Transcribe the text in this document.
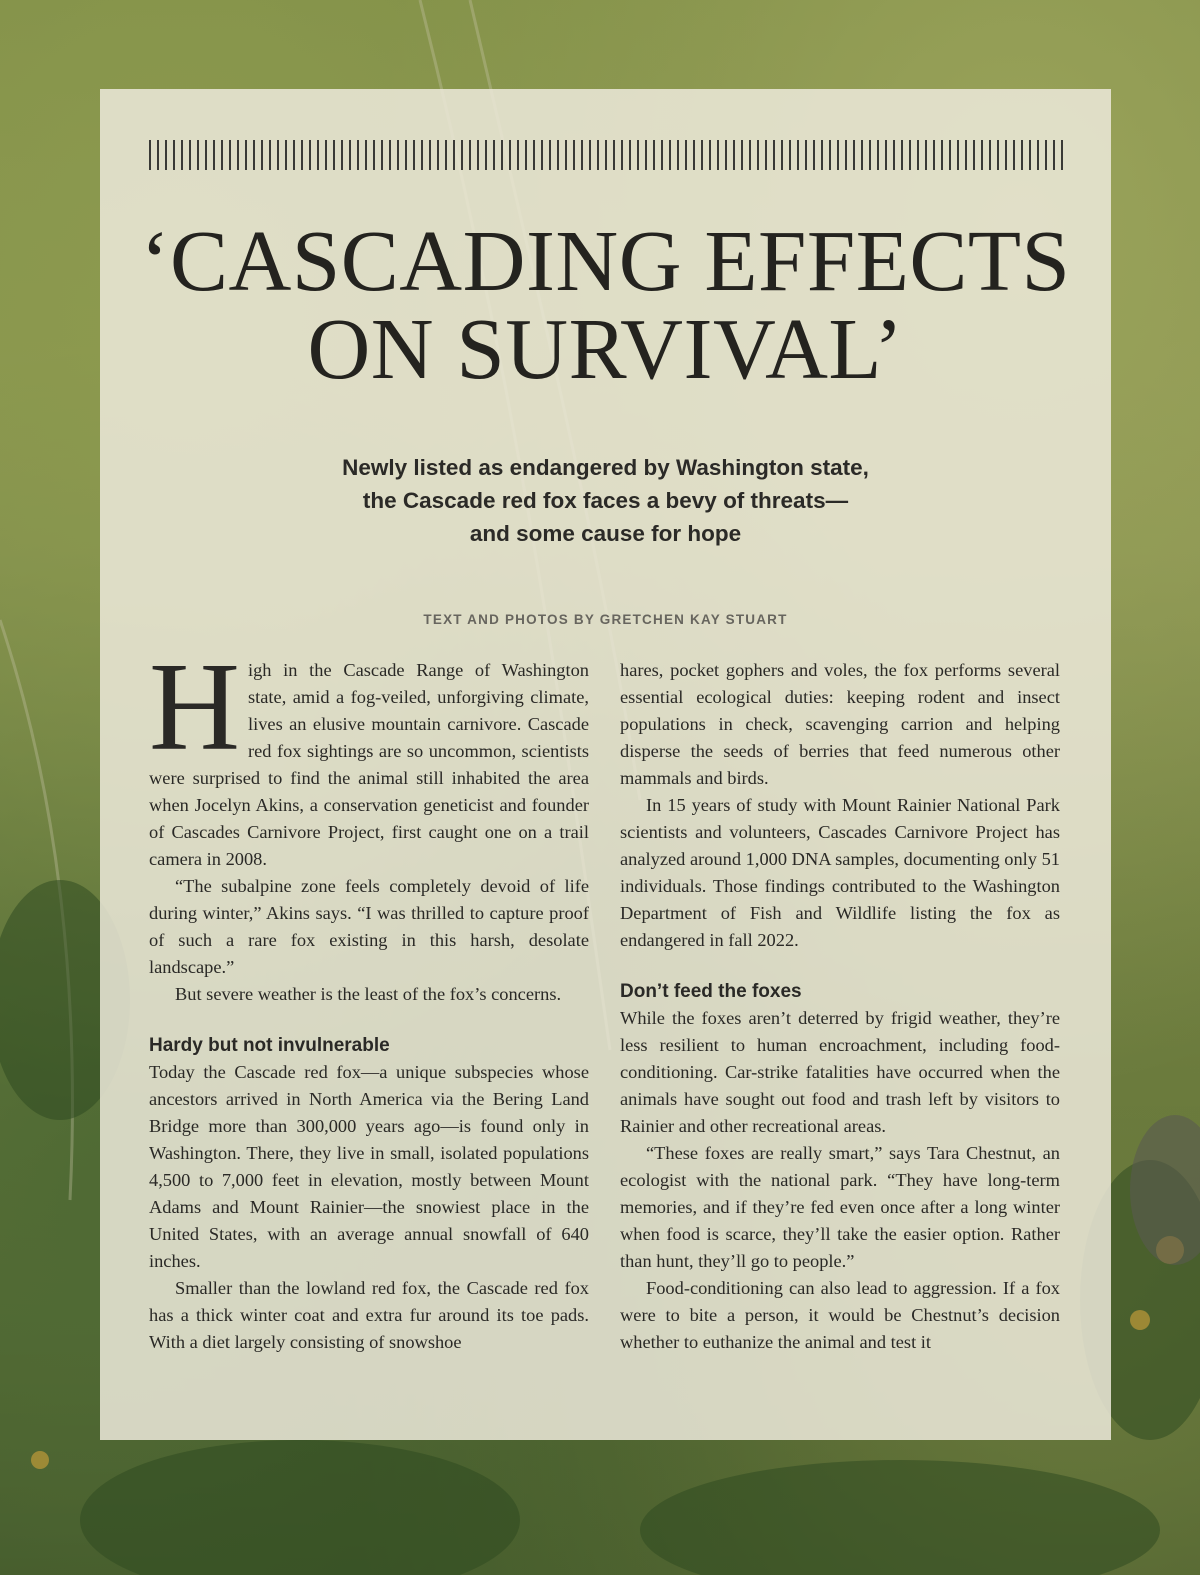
‘CASCADING EFFECTS
ON SURVIVAL’

Newly listed as endangered by Washington state,
the Cascade red fox faces a bevy of threats—
and some cause for hope

TEXT AND PHOTOS BY GRETCHEN KAY STUART

High in the Cascade Range of Washington state, amid a fog-veiled, unforgiving climate, lives an elusive mountain carnivore. Cascade red fox sightings are so uncommon, scientists were surprised to find the animal still inhabited the area when Jocelyn Akins, a conservation geneticist and founder of Cascades Carnivore Project, first caught one on a trail camera in 2008.

“The subalpine zone feels completely devoid of life during winter,” Akins says. “I was thrilled to capture proof of such a rare fox existing in this harsh, desolate landscape.”

But severe weather is the least of the fox’s concerns.

Hardy but not invulnerable

Today the Cascade red fox—a unique subspecies whose ancestors arrived in North America via the Bering Land Bridge more than 300,000 years ago—is found only in Washington. There, they live in small, isolated populations 4,500 to 7,000 feet in elevation, mostly between Mount Adams and Mount Rainier—the snowiest place in the United States, with an average annual snowfall of 640 inches.

Smaller than the lowland red fox, the Cascade red fox has a thick winter coat and extra fur around its toe pads. With a diet largely consisting of snowshoe

hares, pocket gophers and voles, the fox performs several essential ecological duties: keeping rodent and insect populations in check, scavenging carrion and helping disperse the seeds of berries that feed numerous other mammals and birds.

In 15 years of study with Mount Rainier National Park scientists and volunteers, Cascades Carnivore Project has analyzed around 1,000 DNA samples, documenting only 51 individuals. Those findings contributed to the Washington Department of Fish and Wildlife listing the fox as endangered in fall 2022.

Don’t feed the foxes

While the foxes aren’t deterred by frigid weather, they’re less resilient to human encroachment, including food-conditioning. Car-strike fatalities have occurred when the animals have sought out food and trash left by visitors to Rainier and other recreational areas.

“These foxes are really smart,” says Tara Chestnut, an ecologist with the national park. “They have long-term memories, and if they’re fed even once after a long winter when food is scarce, they’ll take the easier option. Rather than hunt, they’ll go to people.”

Food-conditioning can also lead to aggression. If a fox were to bite a person, it would be Chestnut’s decision whether to euthanize the animal and test it
